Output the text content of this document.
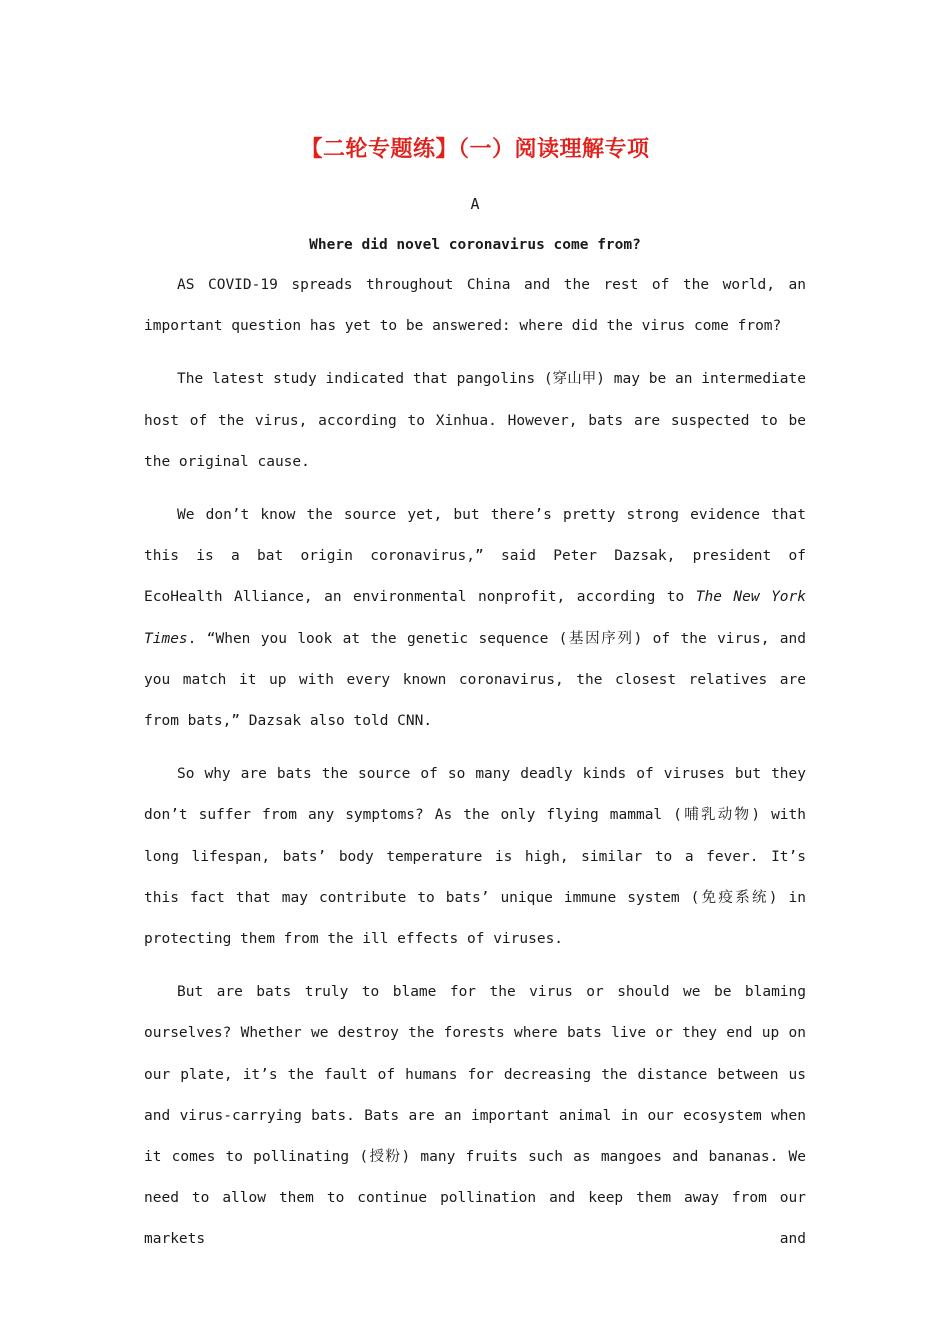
【二轮专题练】（一）阅读理解专项
A
Where did novel coronavirus come from?

AS COVID-19 spreads throughout China and the rest of the world, an important question has yet to be answered: where did the virus come from?

The latest study indicated that pangolins (穿山甲) may be an intermediate host of the virus, according to Xinhua. However, bats are suspected to be the original cause.

We don’t know the source yet, but there’s pretty strong evidence that this is a bat origin coronavirus,” said Peter Dazsak, president of EcoHealth Alliance, an environmental nonprofit, according to The New York Times. “When you look at the genetic sequence (基因序列) of the virus, and you match it up with every known coronavirus, the closest relatives are from bats,” Dazsak also told CNN.

So why are bats the source of so many deadly kinds of viruses but they don’t suffer from any symptoms? As the only flying mammal (哺乳动物) with long lifespan, bats’ body temperature is high, similar to a fever. It’s this fact that may contribute to bats’ unique immune system (免疫系统) in protecting them from the ill effects of viruses.

But are bats truly to blame for the virus or should we be blaming ourselves? Whether we destroy the forests where bats live or they end up on our plate, it’s the fault of humans for decreasing the distance between us and virus-carrying bats. Bats are an important animal in our ecosystem when it comes to pollinating (授粉) many fruits such as mangoes and bananas. We need to allow them to continue pollination and keep them away from our markets and
